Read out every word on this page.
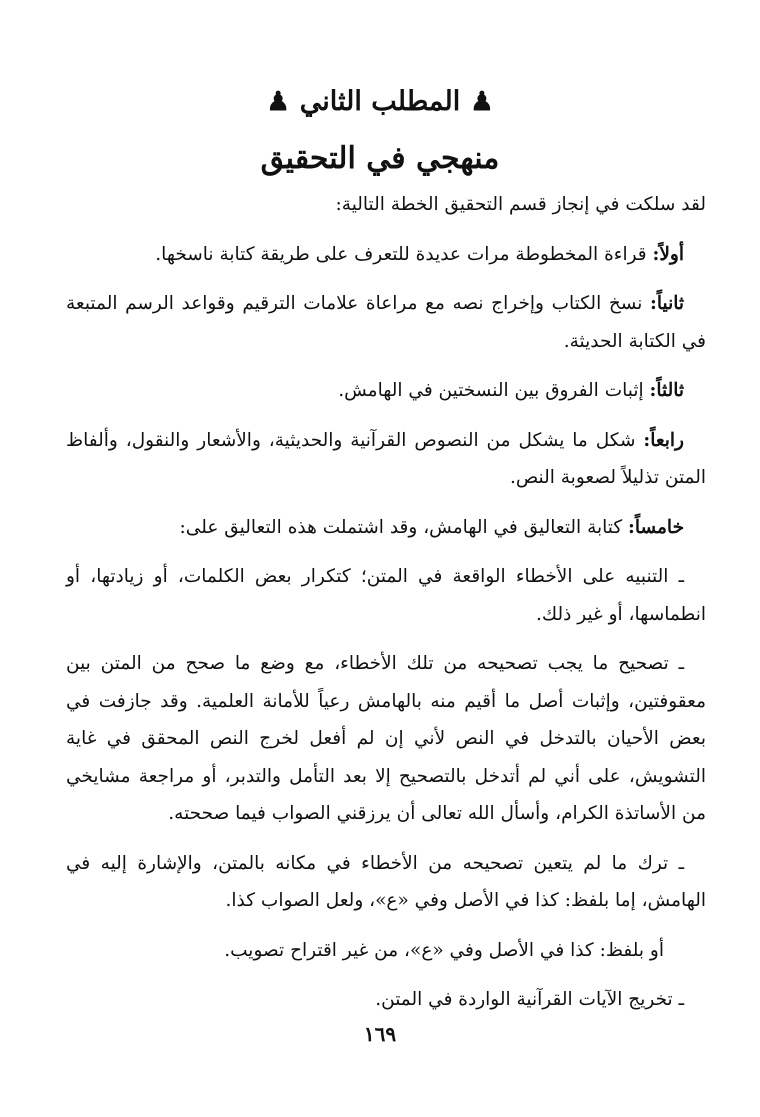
♟المطلب الثاني♟
منهجي في التحقيق

لقد سلكت في إنجاز قسم التحقيق الخطة التالية:

أولاً: قراءة المخطوطة مرات عديدة للتعرف على طريقة كتابة ناسخها.

ثانياً: نسخ الكتاب وإخراج نصه مع مراعاة علامات الترقيم وقواعد الرسم المتبعة في الكتابة الحديثة.

ثالثاً: إثبات الفروق بين النسختين في الهامش.

رابعاً: شكل ما يشكل من النصوص القرآنية والحديثية، والأشعار والنقول، وألفاظ المتن تذليلاً لصعوبة النص.

خامساً: كتابة التعاليق في الهامش، وقد اشتملت هذه التعاليق على:

ـ التنبيه على الأخطاء الواقعة في المتن؛ كتكرار بعض الكلمات، أو زيادتها، أو انطماسها، أو غير ذلك.

ـ تصحيح ما يجب تصحيحه من تلك الأخطاء، مع وضع ما صحح من المتن بين معقوفتين، وإثبات أصل ما أقيم منه بالهامش رعياً للأمانة العلمية. وقد جازفت في بعض الأحيان بالتدخل في النص لأني إن لم أفعل لخرج النص المحقق في غاية التشويش، على أني لم أتدخل بالتصحيح إلا بعد التأمل والتدبر، أو مراجعة مشايخي من الأساتذة الكرام، وأسأل الله تعالى أن يرزقني الصواب فيما صححته.

ـ ترك ما لم يتعين تصحيحه من الأخطاء في مكانه بالمتن، والإشارة إليه في الهامش، إما بلفظ: كذا في الأصل وفي «ع»، ولعل الصواب كذا.

أو بلفظ: كذا في الأصل وفي «ع»، من غير اقتراح تصويب.

ـ تخريج الآيات القرآنية الواردة في المتن.

١٦٩
